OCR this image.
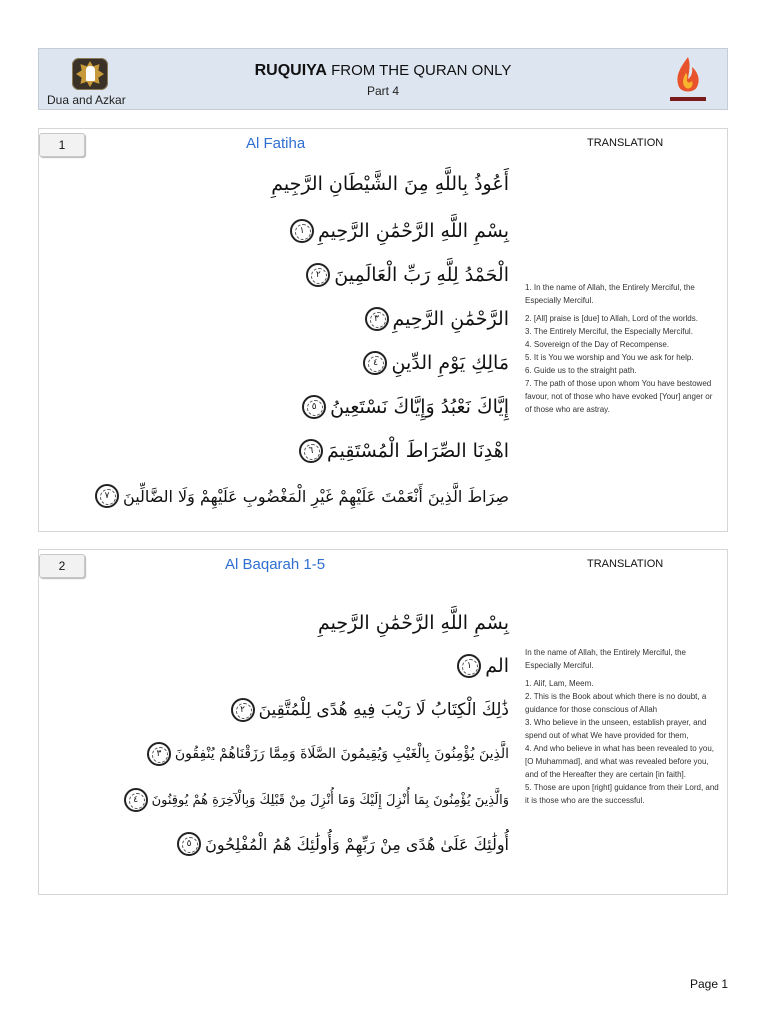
Dua and Azkar
RUQUIYA FROM THE QURAN ONLY
Part 4
1	Al Fatiha	TRANSLATION
أَعُوذُ بِاللَّهِ مِنَ الشَّيْطَانِ الرَّجِيمِ
بِسْمِ اللَّهِ الرَّحْمَٰنِ الرَّحِيمِ
١
الْحَمْدُ لِلَّهِ رَبِّ الْعَالَمِينَ
٢
الرَّحْمَٰنِ الرَّحِيمِ
٣
مَالِكِ يَوْمِ الدِّينِ
٤
إِيَّاكَ نَعْبُدُ وَإِيَّاكَ نَسْتَعِينُ
٥
اهْدِنَا الصِّرَاطَ الْمُسْتَقِيمَ
٦
صِرَاطَ الَّذِينَ أَنْعَمْتَ عَلَيْهِمْ غَيْرِ الْمَغْضُوبِ عَلَيْهِمْ وَلَا الضَّالِّينَ
٧

1. In the name of Allah, the Entirely Merciful, the Especially Merciful.

2. [All] praise is [due] to Allah, Lord of the worlds.
3. The Entirely Merciful, the Especially Merciful.
4. Sovereign of the Day of Recompense.
5. It is You we worship and You we ask for help.
6. Guide us to the straight path.
7. The path of those upon whom You have bestowed favour, not of those who have evoked [Your] anger or of those who are astray.
2	Al Baqarah 1-5	TRANSLATION
بِسْمِ اللَّهِ الرَّحْمَٰنِ الرَّحِيمِ
الم
١
ذَٰلِكَ الْكِتَابُ لَا رَيْبَ فِيهِ هُدًى لِلْمُتَّقِينَ
٢
الَّذِينَ يُؤْمِنُونَ بِالْغَيْبِ وَيُقِيمُونَ الصَّلَاةَ وَمِمَّا رَزَقْنَاهُمْ يُنْفِقُونَ
٣
وَالَّذِينَ يُؤْمِنُونَ بِمَا أُنْزِلَ إِلَيْكَ وَمَا أُنْزِلَ مِنْ قَبْلِكَ وَبِالْآخِرَةِ هُمْ يُوقِنُونَ
٤
أُولَٰئِكَ عَلَىٰ هُدًى مِنْ رَبِّهِمْ وَأُولَٰئِكَ هُمُ الْمُفْلِحُونَ
٥

In the name of Allah, the Entirely Merciful, the Especially Merciful.

1. Alif, Lam, Meem.
2. This is the Book about which there is no doubt, a guidance for those conscious of Allah
3. Who believe in the unseen, establish prayer, and spend out of what We have provided for them,
4. And who believe in what has been revealed to you, [O Muhammad], and what was revealed before you, and of the Hereafter they are certain [in faith].
5. Those are upon [right] guidance from their Lord, and it is those who are the successful.
Page 1
